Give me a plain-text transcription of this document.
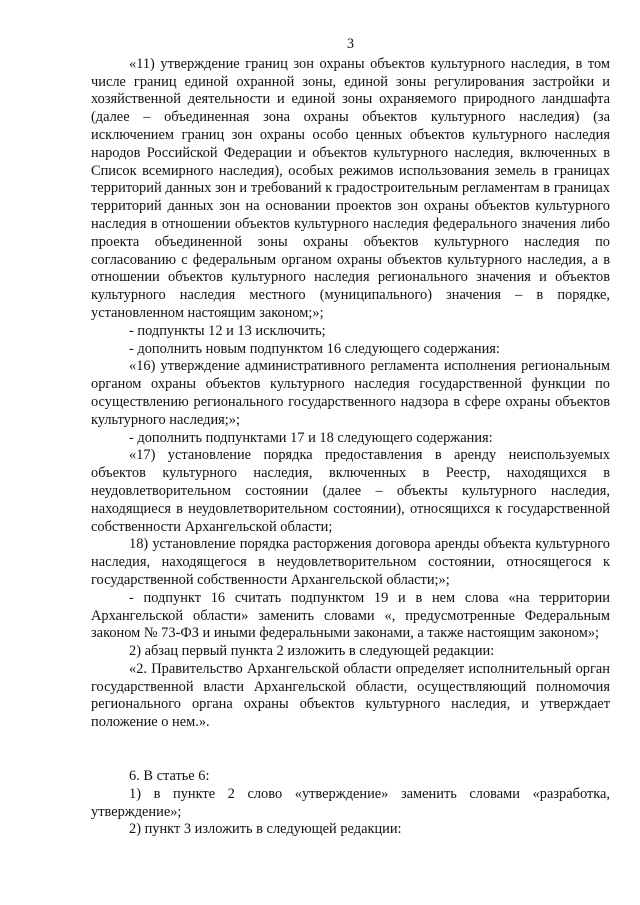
3

«11) утверждение границ зон охраны объектов культурного наследия, в том числе границ единой охранной зоны, единой зоны регулирования застройки и хозяйственной деятельности и единой зоны охраняемого природного ландшафта (далее – объединенная зона охраны объектов культурного наследия) (за исключением границ зон охраны особо ценных объектов культурного наследия народов Российской Федерации и объектов культурного наследия, включенных в Список всемирного наследия), особых режимов использования земель в границах территорий данных зон и требований к градостроительным регламентам в границах территорий данных зон на основании проектов зон охраны объектов культурного наследия в отношении объектов культурного наследия федерального значения либо проекта объединенной зоны охраны объектов культурного наследия по согласованию с федеральным органом охраны объектов культурного наследия, а в отношении объектов культурного наследия регионального значения и объектов культурного наследия местного (муниципального) значения – в порядке, установленном настоящим законом;»;

- подпункты 12 и 13 исключить;

- дополнить новым подпунктом 16 следующего содержания:

«16) утверждение административного регламента исполнения региональным органом охраны объектов культурного наследия государственной функции по осуществлению регионального государственного надзора в сфере охраны объектов культурного наследия;»;

- дополнить подпунктами 17 и 18 следующего содержания:

«17) установление порядка предоставления в аренду неиспользуемых объектов культурного наследия, включенных в Реестр, находящихся в неудовлетворительном состоянии (далее – объекты культурного наследия, находящиеся в неудовлетворительном состоянии), относящихся к государственной собственности Архангельской области;

18) установление порядка расторжения договора аренды объекта культурного наследия, находящегося в неудовлетворительном состоянии, относящегося к государственной собственности Архангельской области;»;

- подпункт 16 считать подпунктом 19 и в нем слова «на территории Архангельской области» заменить словами «, предусмотренные Федеральным законом № 73-ФЗ и иными федеральными законами, а также настоящим законом»;

2) абзац первый пункта 2 изложить в следующей редакции:

«2. Правительство Архангельской области определяет исполнительный орган государственной власти Архангельской области, осуществляющий полномочия регионального органа охраны объектов культурного наследия, и утверждает положение о нем.».

6. В статье 6:

1) в пункте 2 слово «утверждение» заменить словами «разработка, утверждение»;

2) пункт 3 изложить в следующей редакции:
